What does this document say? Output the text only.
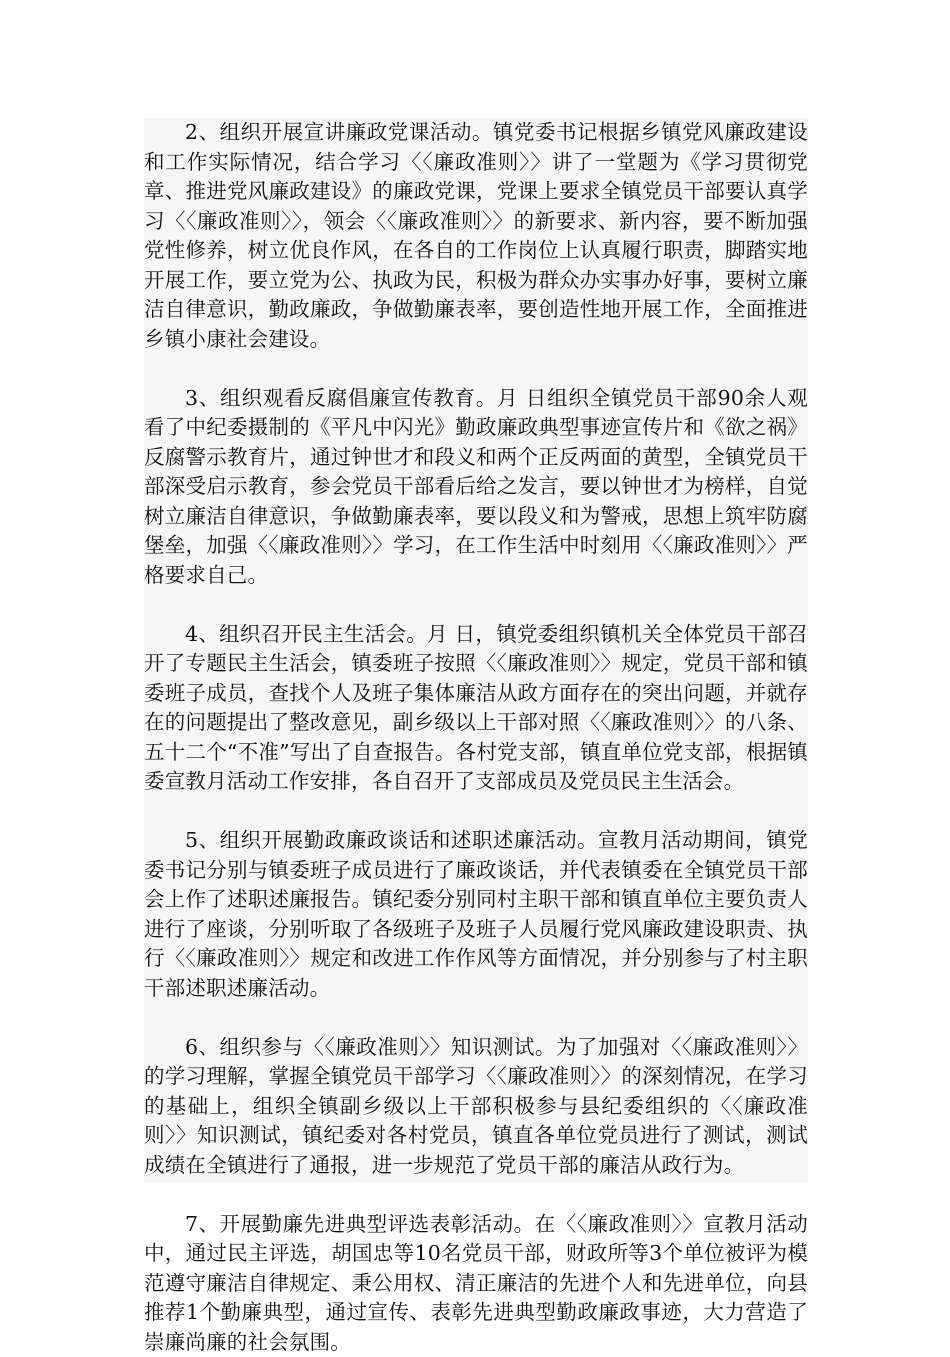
2、组织开展宣讲廉政党课活动。镇党委书记根据乡镇党风廉政建设和工作实际情况，结合学习〈〈廉政准则〉〉讲了一堂题为《学习贯彻党章、推进党风廉政建设》的廉政党课，党课上要求全镇党员干部要认真学习〈〈廉政准则〉〉，领会〈〈廉政准则〉〉的新要求、新内容，要不断加强党性修养，树立优良作风，在各自的工作岗位上认真履行职责，脚踏实地开展工作，要立党为公、执政为民，积极为群众办实事办好事，要树立廉洁自律意识，勤政廉政，争做勤廉表率，要创造性地开展工作，全面推进乡镇小康社会建设。

3、组织观看反腐倡廉宣传教育。月 日组织全镇党员干部90余人观看了中纪委摄制的《平凡中闪光》勤政廉政典型事迹宣传片和《欲之祸》反腐警示教育片，通过钟世才和段义和两个正反两面的黄型，全镇党员干部深受启示教育，参会党员干部看后给之发言，要以钟世才为榜样，自觉树立廉洁自律意识，争做勤廉表率，要以段义和为警戒，思想上筑牢防腐堡垒，加强〈〈廉政准则〉〉学习，在工作生活中时刻用〈〈廉政准则〉〉严格要求自己。

4、组织召开民主生活会。月 日，镇党委组织镇机关全体党员干部召开了专题民主生活会，镇委班子按照〈〈廉政准则〉〉规定，党员干部和镇委班子成员，查找个人及班子集体廉洁从政方面存在的突出问题，并就存在的问题提出了整改意见，副乡级以上干部对照〈〈廉政准则〉〉的八条、五十二个“不准”写出了自查报告。各村党支部，镇直单位党支部，根据镇委宣教月活动工作安排，各自召开了支部成员及党员民主生活会。

5、组织开展勤政廉政谈话和述职述廉活动。宣教月活动期间，镇党委书记分别与镇委班子成员进行了廉政谈话，并代表镇委在全镇党员干部会上作了述职述廉报告。镇纪委分别同村主职干部和镇直单位主要负责人进行了座谈，分别听取了各级班子及班子人员履行党风廉政建设职责、执行〈〈廉政准则〉〉规定和改进工作作风等方面情况，并分别参与了村主职干部述职述廉活动。

6、组织参与〈〈廉政准则〉〉知识测试。为了加强对〈〈廉政准则〉〉的学习理解，掌握全镇党员干部学习〈〈廉政准则〉〉的深刻情况，在学习的基础上，组织全镇副乡级以上干部积极参与县纪委组织的〈〈廉政准则〉〉知识测试，镇纪委对各村党员，镇直各单位党员进行了测试，测试成绩在全镇进行了通报，进一步规范了党员干部的廉洁从政行为。

7、开展勤廉先进典型评选表彰活动。在〈〈廉政准则〉〉宣教月活动中，通过民主评选，胡国忠等10名党员干部，财政所等3个单位被评为模范遵守廉洁自律规定、秉公用权、清正廉洁的先进个人和先进单位，向县推荐1个勤廉典型，通过宣传、表彰先进典型勤政廉政事迹，大力营造了崇廉尚廉的社会氛围。
